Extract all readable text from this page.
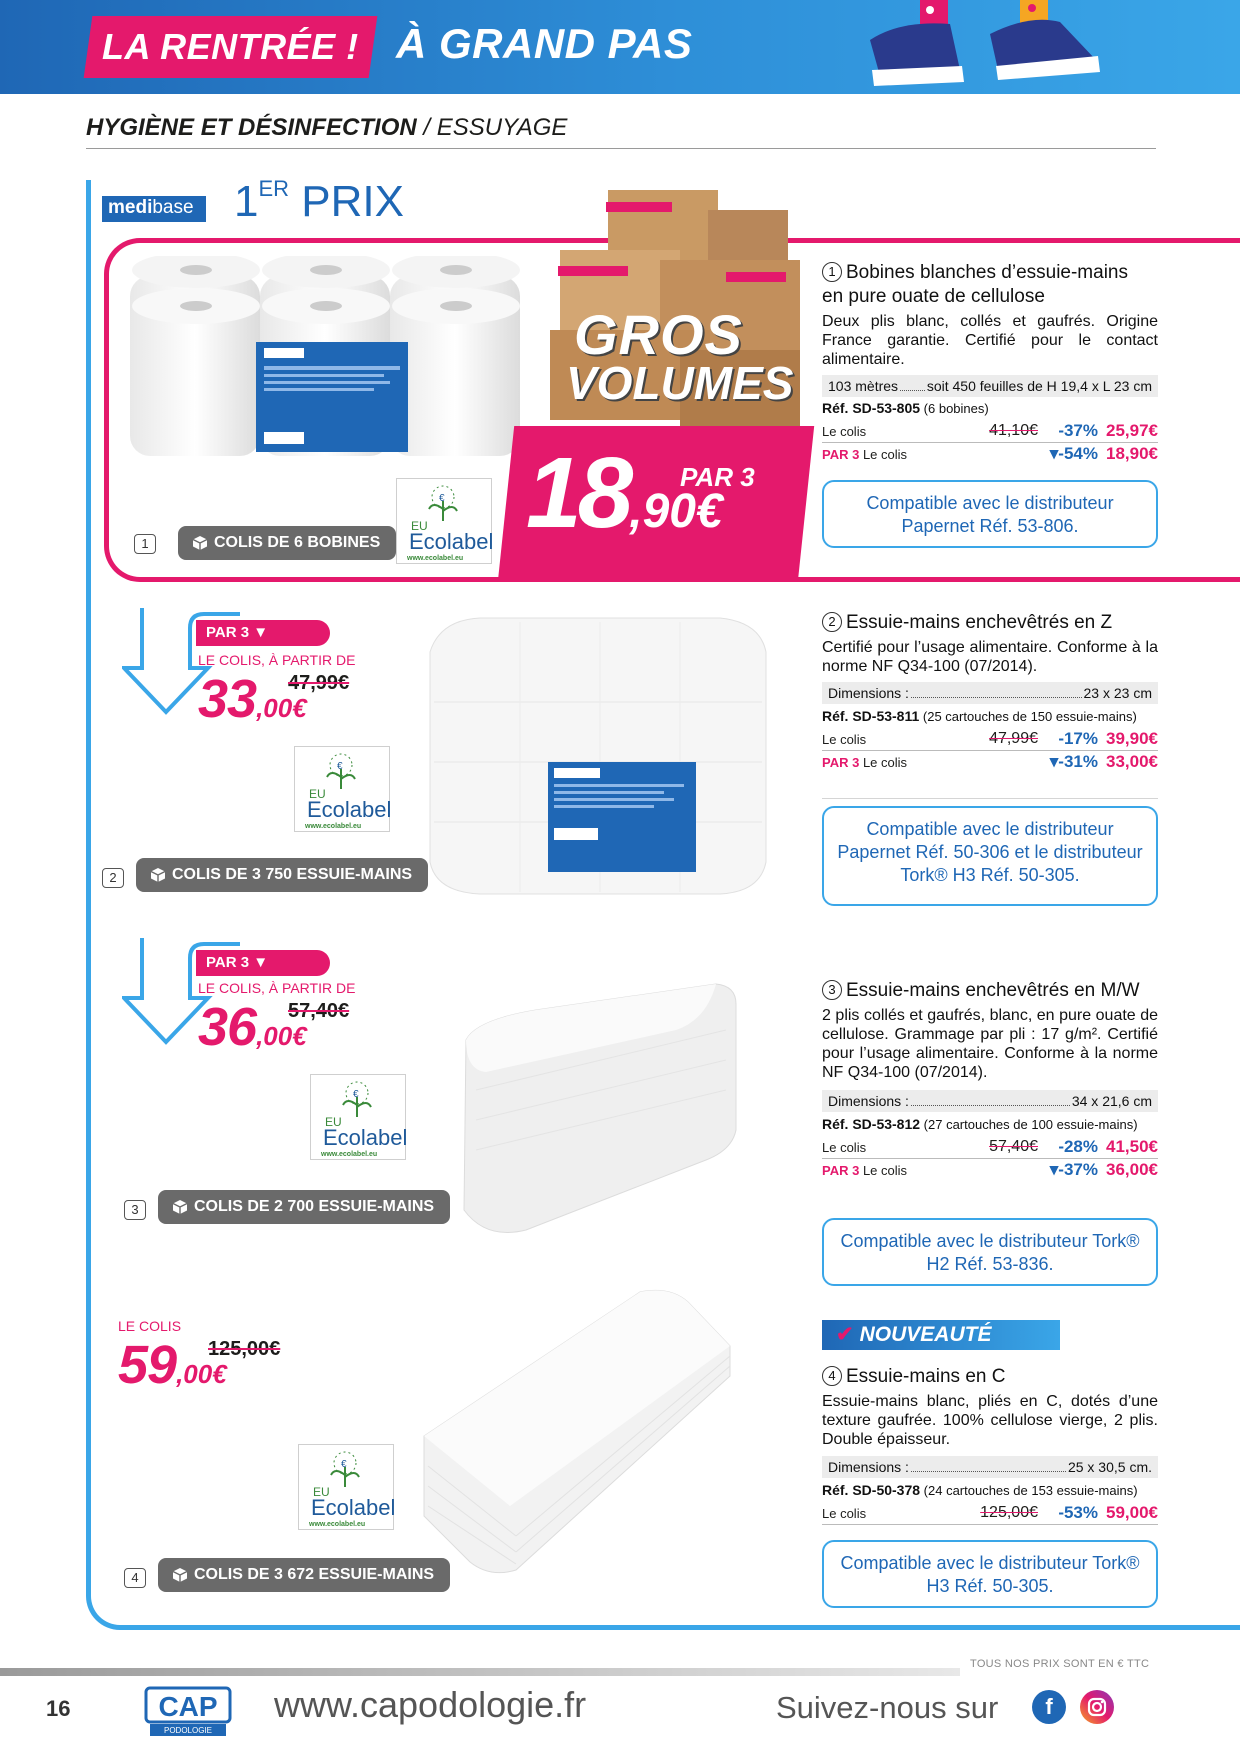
LA RENTRÉE ! À GRAND PAS
HYGIÈNE ET DÉSINFECTION / ESSUYAGE
medibase 1ER PRIX
GROS
VOLUMES
18,90€
PAR 3
€
EU
Ecolabel
www.ecolabel.eu
1	COLIS DE 6 BOBINES
1 Bobines blanches d’essuie-mains
en pure ouate de cellulose
Deux plis blanc, collés et gaufrés. Origine France garantie. Certifié pour le contact alimentaire.
103 mètres soit 450 feuilles de H 19,4 x L 23 cm
Réf. SD-53-805 (6 bobines)
Le colis	41,10€	-37% 25,97€
PAR 3 Le colis	▾-54% 18,90€
Compatible avec le distributeur Papernet Réf. 53-806.
PAR 3 ▼
LE COLIS, À PARTIR DE
47,99€
33,00€
€
EU
Ecolabel
www.ecolabel.eu
2	COLIS DE 3 750 ESSUIE-MAINS
2 Essuie-mains enchevêtrés en Z
Certifié pour l’usage alimentaire. Conforme à la norme NF Q34-100 (07/2014).
Dimensions :	23 x 23 cm
Réf. SD-53-811 (25 cartouches de 150 essuie-mains)
Le colis	47,99€	-17% 39,90€
PAR 3 Le colis	▾-31% 33,00€
Compatible avec le distributeur Papernet Réf. 50-306 et le distributeur Tork® H3 Réf. 50-305.
PAR 3 ▼
LE COLIS, À PARTIR DE
57,40€
36,00€
€
EU
Ecolabel
www.ecolabel.eu
3	COLIS DE 2 700 ESSUIE-MAINS
3 Essuie-mains enchevêtrés en M/W
2 plis collés et gaufrés, blanc, en pure ouate de cellulose. Grammage par pli : 17 g/m². Certifié pour l’usage alimentaire. Conforme à la norme NF Q34-100 (07/2014).
Dimensions :	34 x 21,6 cm
Réf. SD-53-812 (27 cartouches de 100 essuie-mains)
Le colis	57,40€	-28% 41,50€
PAR 3 Le colis	▾-37% 36,00€
Compatible avec le distributeur Tork® H2 Réf. 53-836.
LE COLIS
125,00€
59,00€
€
EU
Ecolabel
www.ecolabel.eu
4	COLIS DE 3 672 ESSUIE-MAINS
✔ NOUVEAUTÉ
4 Essuie-mains en C
Essuie-mains blanc, pliés en C, dotés d’une texture gaufrée. 100% cellulose vierge, 2 plis. Double épaisseur.
Dimensions :	25 x 30,5 cm.
Réf. SD-50-378 (24 cartouches de 153 essuie-mains)
Le colis	125,00€	-53% 59,00€
Compatible avec le distributeur Tork® H3 Réf. 50-305.
TOUS NOS PRIX SONT EN € TTC
16	CAP
PODOLOGIE
www.capodologie.fr	Suivez-nous sur	f
